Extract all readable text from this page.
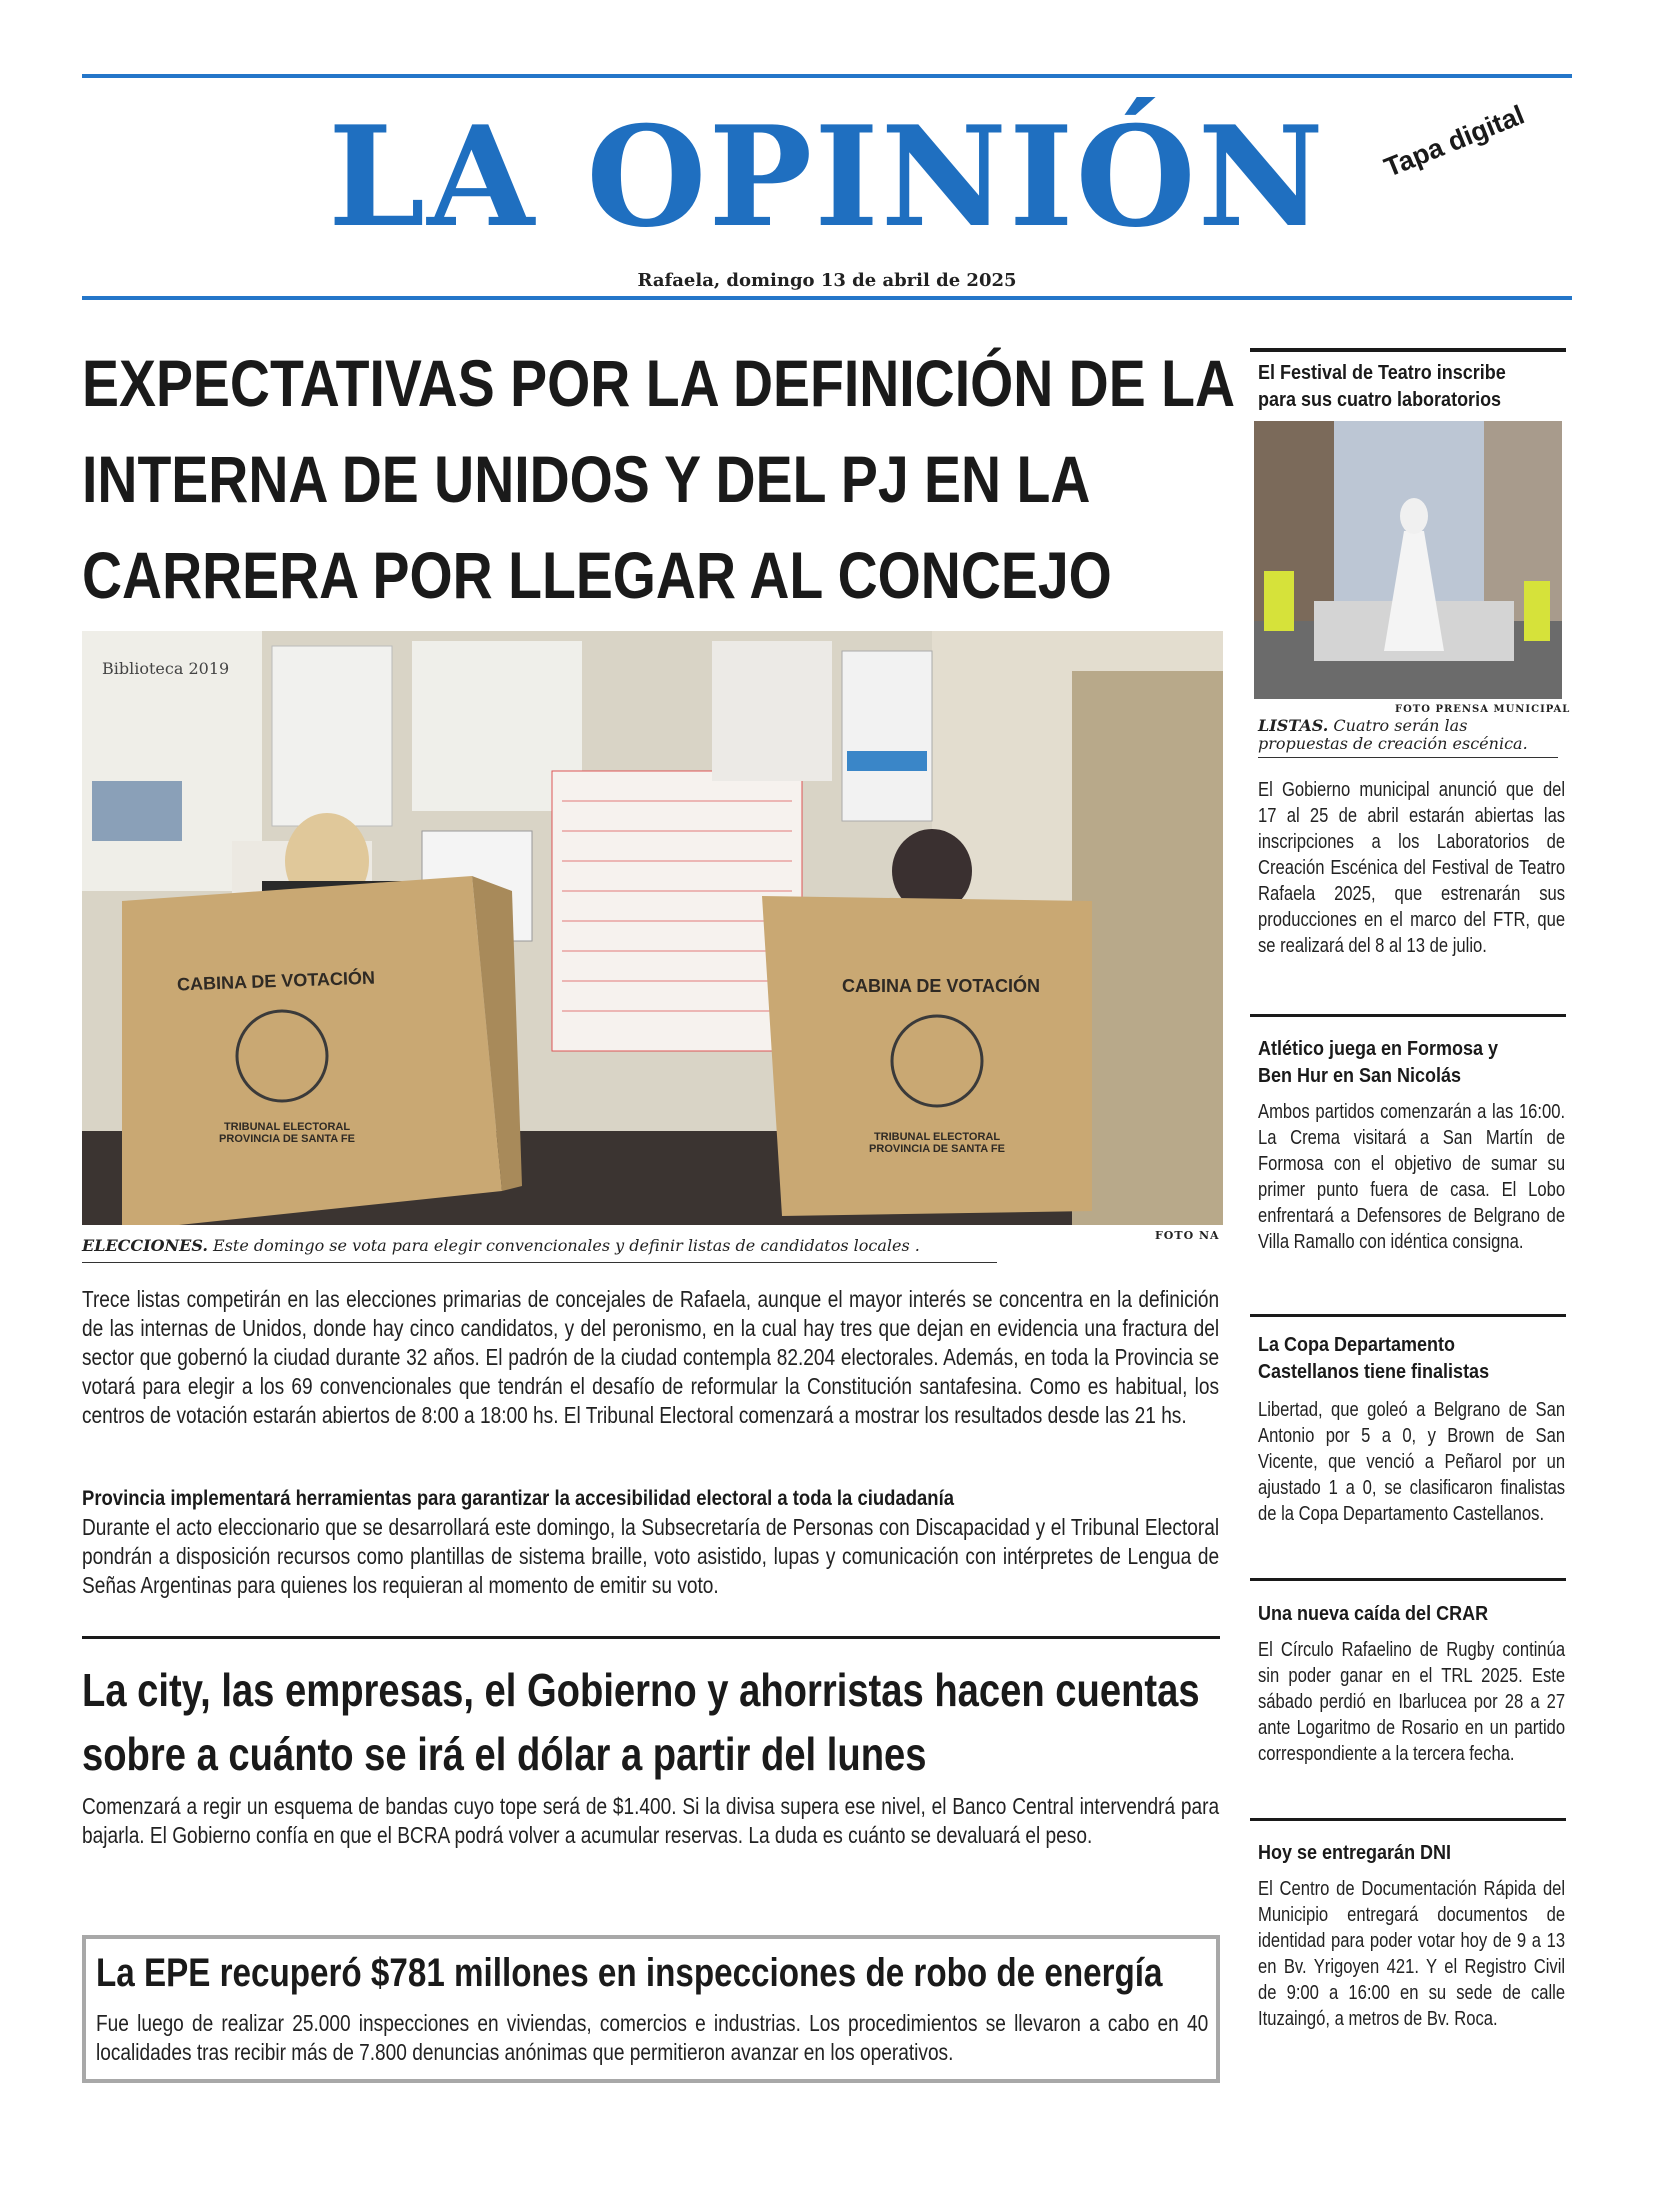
LA OPINIÓN	Tapa digital
Rafaela, domingo 13 de abril de 2025
EXPECTATIVAS POR LA DEFINICIÓN DE LA INTERNA DE UNIDOS Y DEL PJ EN LA CARRERA POR LLEGAR AL CONCEJO
CABINA DE VOTACIÓN	CABINA DE VOTACIÓN
TRIBUNAL ELECTORAL PROVINCIA DE SANTA FE	TRIBUNAL ELECTORAL PROVINCIA DE SANTA FE
Biblioteca 2019
FOTO NA
ELECCIONES. Este domingo se vota para elegir convencionales y definir listas de candidatos locales .
Trece listas competirán en las elecciones primarias de concejales de Rafaela, aunque el mayor interés se concentra en la definición de las internas de Unidos, donde hay cinco candidatos, y del peronismo, en la cual hay tres que dejan en evidencia una fractura del sector que gobernó la ciudad durante 32 años. El padrón de la ciudad contempla 82.204 electorales. Además, en toda la Provincia se votará para elegir a los 69 convencionales que tendrán el desafío de reformular la Constitución santafesina. Como es habitual, los centros de votación estarán abiertos de 8:00 a 18:00 hs. El Tribunal Electoral comenzará a mostrar los resultados desde las 21 hs.
Provincia implementará herramientas para garantizar la accesibilidad electoral a toda la ciudadanía
Durante el acto eleccionario que se desarrollará este domingo, la Subsecretaría de Personas con Discapacidad y el Tribunal Electoral pondrán a disposición recursos como plantillas de sistema braille, voto asistido, lupas y comunicación con intérpretes de Lengua de Señas Argentinas para quienes los requieran al momento de emitir su voto.
La city, las empresas, el Gobierno y ahorristas hacen cuentas sobre a cuánto se irá el dólar a partir del lunes
Comenzará a regir un esquema de bandas cuyo tope será de $1.400. Si la divisa supera ese nivel, el Banco Central intervendrá para bajarla. El Gobierno confía en que el BCRA podrá volver a acumular reservas. La duda es cuánto se devaluará el peso.
La EPE recuperó $781 millones en inspecciones de robo de energía
Fue luego de realizar 25.000 inspecciones en viviendas, comercios e industrias. Los procedimientos se llevaron a cabo en 40 localidades tras recibir más de 7.800 denuncias anónimas que permitieron avanzar en los operativos.
El Festival de Teatro inscribe para sus cuatro laboratorios
FOTO PRENSA MUNICIPAL
LISTAS. Cuatro serán las propuestas de creación escénica.
El Gobierno municipal anunció que del 17 al 25 de abril estarán abiertas las inscripciones a los Laboratorios de Creación Escénica del Festival de Teatro Rafaela 2025, que estrenarán sus producciones en el marco del FTR, que se realizará del 8 al 13 de julio.
Atlético juega en Formosa y Ben Hur en San Nicolás
Ambos partidos comenzarán a las 16:00. La Crema visitará a San Martín de Formosa con el objetivo de sumar su primer punto fuera de casa. El Lobo enfrentará a Defensores de Belgrano de Villa Ramallo con idéntica consigna.
La Copa Departamento Castellanos tiene finalistas
Libertad, que goleó a Belgrano de San Antonio por 5 a 0, y Brown de San Vicente, que venció a Peñarol por un ajustado 1 a 0, se clasificaron finalistas de la Copa Departamento Castellanos.
Una nueva caída del CRAR
El Círculo Rafaelino de Rugby continúa sin poder ganar en el TRL 2025. Este sábado perdió en Ibarlucea por 28 a 27 ante Logaritmo de Rosario en un partido correspondiente a la tercera fecha.
Hoy se entregarán DNI
El Centro de Documentación Rápida del Municipio entregará documentos de identidad para poder votar hoy de 9 a 13 en Bv. Yrigoyen 421. Y el Registro Civil de 9:00 a 16:00 en su sede de calle Ituzaingó, a metros de Bv. Roca.
